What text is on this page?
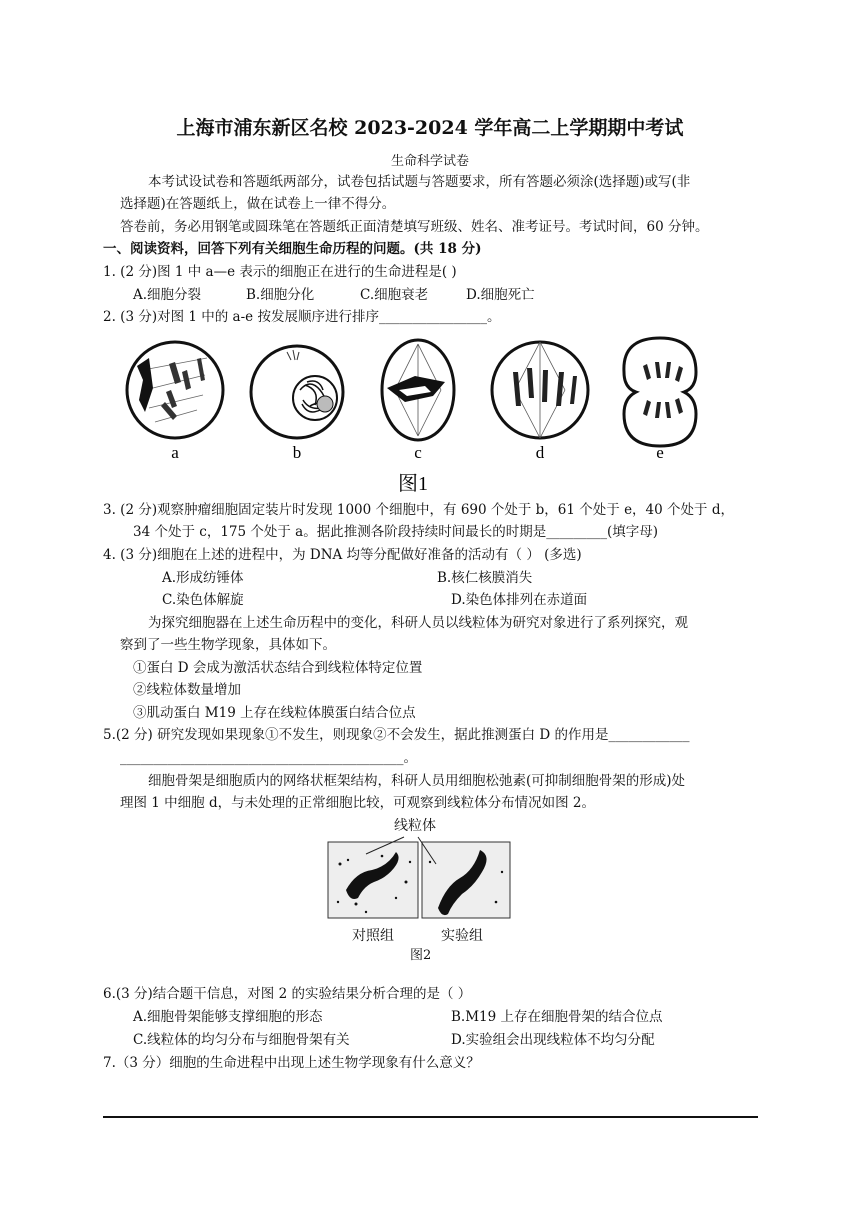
上海市浦东新区名校 2023-2024 学年高二上学期期中考试
生命科学试卷
本考试设试卷和答题纸两部分，试卷包括试题与答题要求，所有答题必须涂(选择题)或写(非
选择题)在答题纸上，做在试卷上一律不得分。
答卷前，务必用钢笔或圆珠笔在答题纸正面清楚填写班级、姓名、准考证号。考试时间，60 分钟。
一、阅读资料，回答下列有关细胞生命历程的问题。(共 18 分)
1. (2 分)图 1 中 a—e 表示的细胞正在进行的生命进程是( )
A.细胞分裂	B.细胞分化	C.细胞衰老	D.细胞死亡
2. (3 分)对图 1 中的 a-e 按发展顺序进行排序________________。
a	b	c	d	e
图1
3. (2 分)观察肿瘤细胞固定装片时发现 1000 个细胞中，有 690 个处于 b，61 个处于 e，40 个处于 d，
34 个处于 c，175 个处于 a。据此推测各阶段持续时间最长的时期是_________(填字母)
4. (3 分)细胞在上述的进程中，为 DNA 均等分配做好准备的活动有（ ） (多选)
A.形成纺锤体	B.核仁核膜消失
C.染色体解旋	D.染色体排列在赤道面
为探究细胞器在上述生命历程中的变化，科研人员以线粒体为研究对象进行了系列探究，观
察到了一些生物学现象，具体如下。
①蛋白 D 会成为激活状态结合到线粒体特定位置
②线粒体数量增加
③肌动蛋白 M19 上存在线粒体膜蛋白结合位点
5.(2 分) 研究发现如果现象①不发生，则现象②不会发生，据此推测蛋白 D 的作用是____________
__________________________________________。
细胞骨架是细胞质内的网络状框架结构，科研人员用细胞松弛素(可抑制细胞骨架的形成)处
理图 1 中细胞 d，与未处理的正常细胞比较，可观察到线粒体分布情况如图 2。
线粒体
对照组	实验组
图2
6.(3 分)结合题干信息，对图 2 的实验结果分析合理的是（ ）
A.细胞骨架能够支撑细胞的形态	B.M19 上存在细胞骨架的结合位点
C.线粒体的均匀分布与细胞骨架有关	D.实验组会出现线粒体不均匀分配
7.（3 分）细胞的生命进程中出现上述生物学现象有什么意义？
